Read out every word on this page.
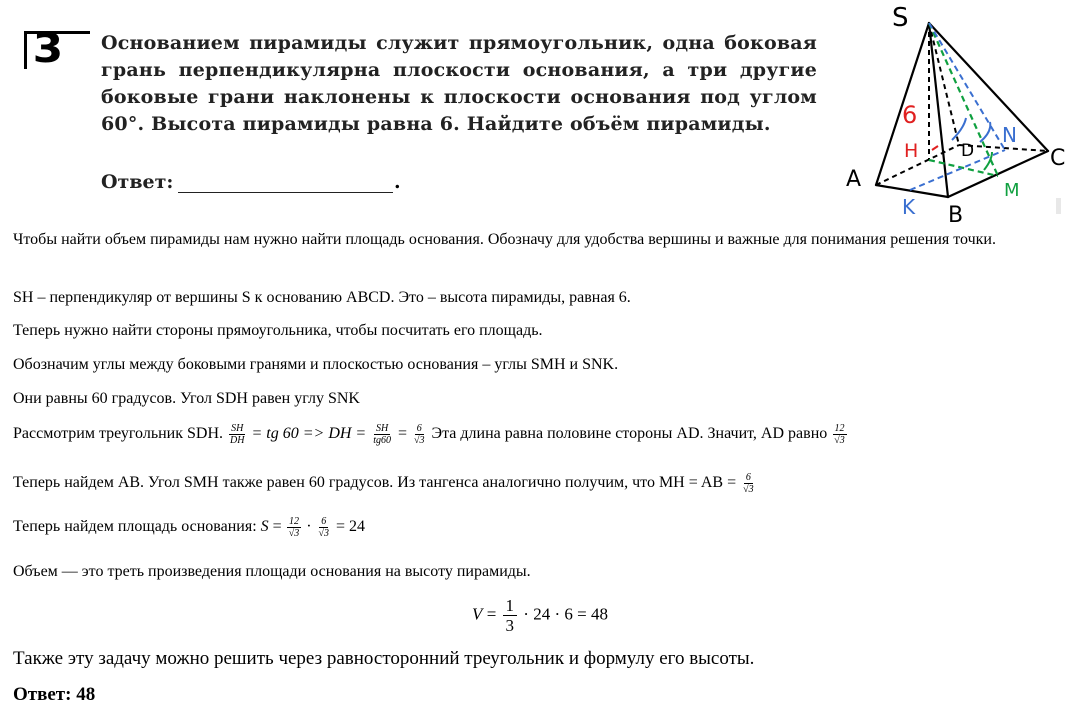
3 Основанием пирамиды служит прямоугольник, одна боковая грань перпендикулярна плоскости основания, а три другие боковые грани наклонены к плоскости основания под углом 60°. Высота пирамиды равна 6. Найдите объём пирамиды.
Ответ:	.
S
A
B
C
D
H
6
K
M
N
Чтобы найти объем пирамиды нам нужно найти площадь основания. Обозначу для удобства вершины и важные для понимания решения точки.
SH – перпендикуляр от вершины S к основанию ABCD. Это – высота пирамиды, равная 6.
Теперь нужно найти стороны прямоугольника, чтобы посчитать его площадь.
Обозначим углы между боковыми гранями и плоскостью основания – углы SMH и SNK.
Они равны 60 градусов. Угол SDH равен углу SNK
Рассмотрим треугольник SDH. $\frac{SH}{DH}$ = tg 60 => DH = $\frac{SH}{tg60} = \frac{6}{√3}$ Эта длина равна половине стороны AD. Значит, AD равно $\frac{12}{√3}$
Теперь найдем AB. Угол SMH также равен 60 градусов. Из тангенса аналогично получим, что MH = AB = $\frac{6}{√3}$
Теперь найдем площадь основания: $S = \frac{12}{√3} \cdot \frac{6}{√3} = 24$
Объем — это треть произведения площади основания на высоту пирамиды.
$V = \frac{1}{3} \cdot 24 \cdot 6 = 48$
Также эту задачу можно решить через равносторонний треугольник и формулу его высоты.
Ответ: 48
